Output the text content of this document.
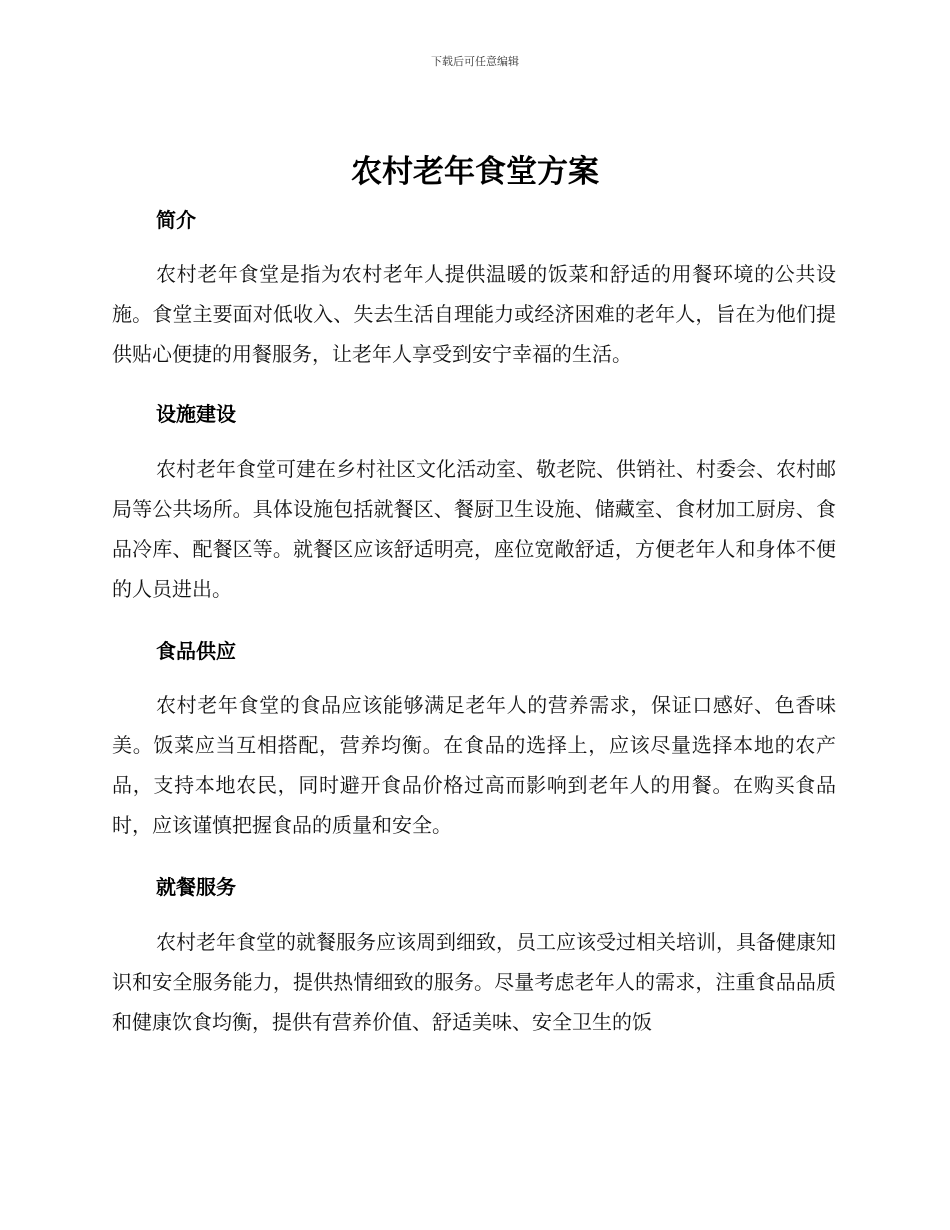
下载后可任意编辑
农村老年食堂方案
简介

农村老年食堂是指为农村老年人提供温暖的饭菜和舒适的用餐环境的公共设施。食堂主要面对低收入、失去生活自理能力或经济困难的老年人，旨在为他们提供贴心便捷的用餐服务，让老年人享受到安宁幸福的生活。

设施建设

农村老年食堂可建在乡村社区文化活动室、敬老院、供销社、村委会、农村邮局等公共场所。具体设施包括就餐区、餐厨卫生设施、储藏室、食材加工厨房、食品冷库、配餐区等。就餐区应该舒适明亮，座位宽敞舒适，方便老年人和身体不便的人员进出。

食品供应

农村老年食堂的食品应该能够满足老年人的营养需求，保证口感好、色香味美。饭菜应当互相搭配，营养均衡。在食品的选择上，应该尽量选择本地的农产品，支持本地农民，同时避开食品价格过高而影响到老年人的用餐。在购买食品时，应该谨慎把握食品的质量和安全。

就餐服务

农村老年食堂的就餐服务应该周到细致，员工应该受过相关培训，具备健康知识和安全服务能力，提供热情细致的服务。尽量考虑老年人的需求，注重食品品质和健康饮食均衡，提供有营养价值、舒适美味、安全卫生的饭
